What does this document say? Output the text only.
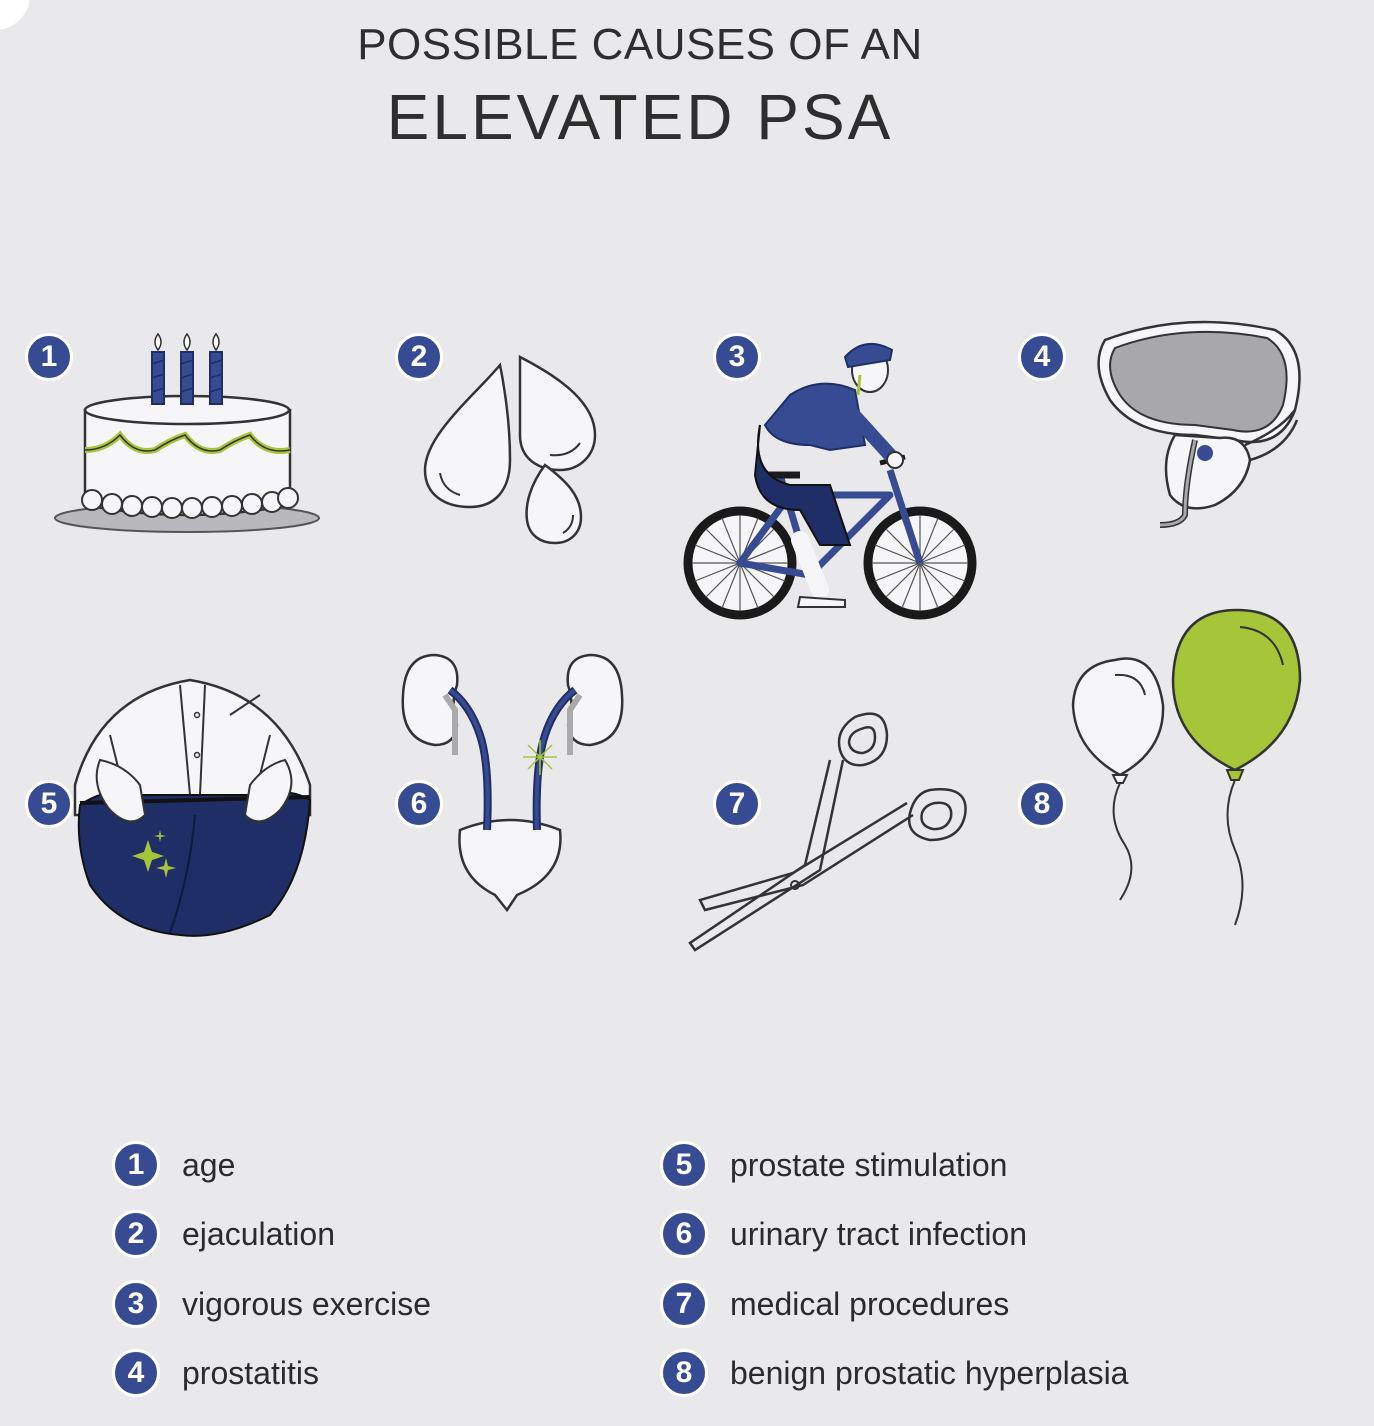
POSSIBLE CAUSES OF AN
ELEVATED PSA
1	2	3	4
5	6	7	8
1	age
2	ejaculation
3	vigorous exercise
4	prostatitis
5	prostate stimulation
6	urinary tract infection
7	medical procedures
8	benign prostatic hyperplasia
